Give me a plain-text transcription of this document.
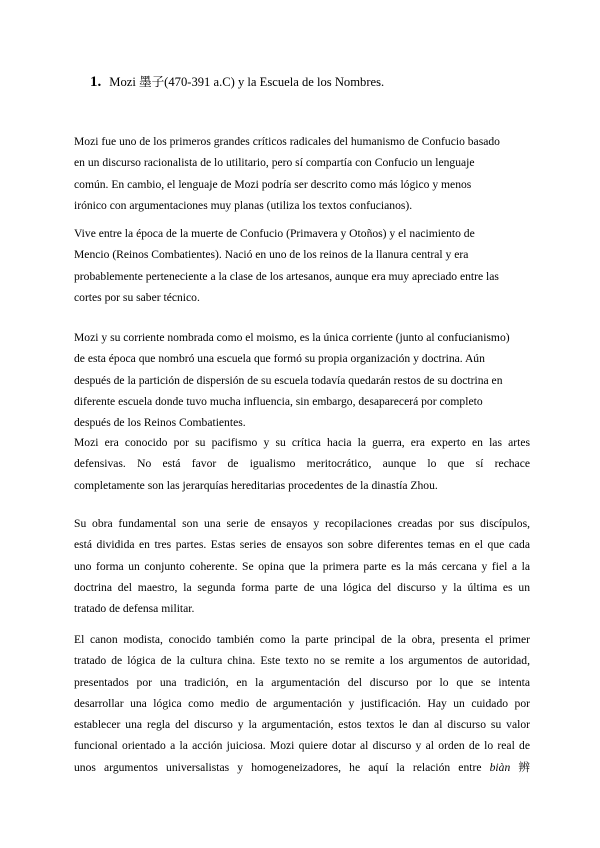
1. Mozi 墨子(470-391 a.C) y la Escuela de los Nombres.
Mozi fue uno de los primeros grandes críticos radicales del humanismo de Confucio basado
en un discurso racionalista de lo utilitario, pero sí compartía con Confucio un lenguaje
común. En cambio, el lenguaje de Mozi podría ser descrito como más lógico y menos
irónico con argumentaciones muy planas (utiliza los textos confucianos).
Vive entre la época de la muerte de Confucio (Primavera y Otoños) y el nacimiento de
Mencio (Reinos Combatientes). Nació en uno de los reinos de la llanura central y era
probablemente perteneciente a la clase de los artesanos, aunque era muy apreciado entre las
cortes por su saber técnico.
Mozi y su corriente nombrada como el moismo, es la única corriente (junto al confucianismo)
de esta época que nombró una escuela que formó su propia organización y doctrina. Aún
después de la partición de dispersión de su escuela todavía quedarán restos de su doctrina en
diferente escuela donde tuvo mucha influencia, sin embargo, desaparecerá por completo
después de los Reinos Combatientes.
Mozi era conocido por su pacifismo y su crítica hacia la guerra, era experto en las artes
defensivas. No está favor de igualismo meritocrático, aunque lo que sí rechace
completamente son las jerarquías hereditarias procedentes de la dinastía Zhou.
Su obra fundamental son una serie de ensayos y recopilaciones creadas por sus discípulos,
está dividida en tres partes. Estas series de ensayos son sobre diferentes temas en el que cada
uno forma un conjunto coherente. Se opina que la primera parte es la más cercana y fiel a la
doctrina del maestro, la segunda forma parte de una lógica del discurso y la última es un
tratado de defensa militar.
El canon modista, conocido también como la parte principal de la obra, presenta el primer
tratado de lógica de la cultura china. Este texto no se remite a los argumentos de autoridad,
presentados por una tradición, en la argumentación del discurso por lo que se intenta
desarrollar una lógica como medio de argumentación y justificación. Hay un cuidado por
establecer una regla del discurso y la argumentación, estos textos le dan al discurso su valor
funcional orientado a la acción juiciosa. Mozi quiere dotar al discurso y al orden de lo real de
unos argumentos universalistas y homogeneizadores, he aquí la relación entre biàn 辨
